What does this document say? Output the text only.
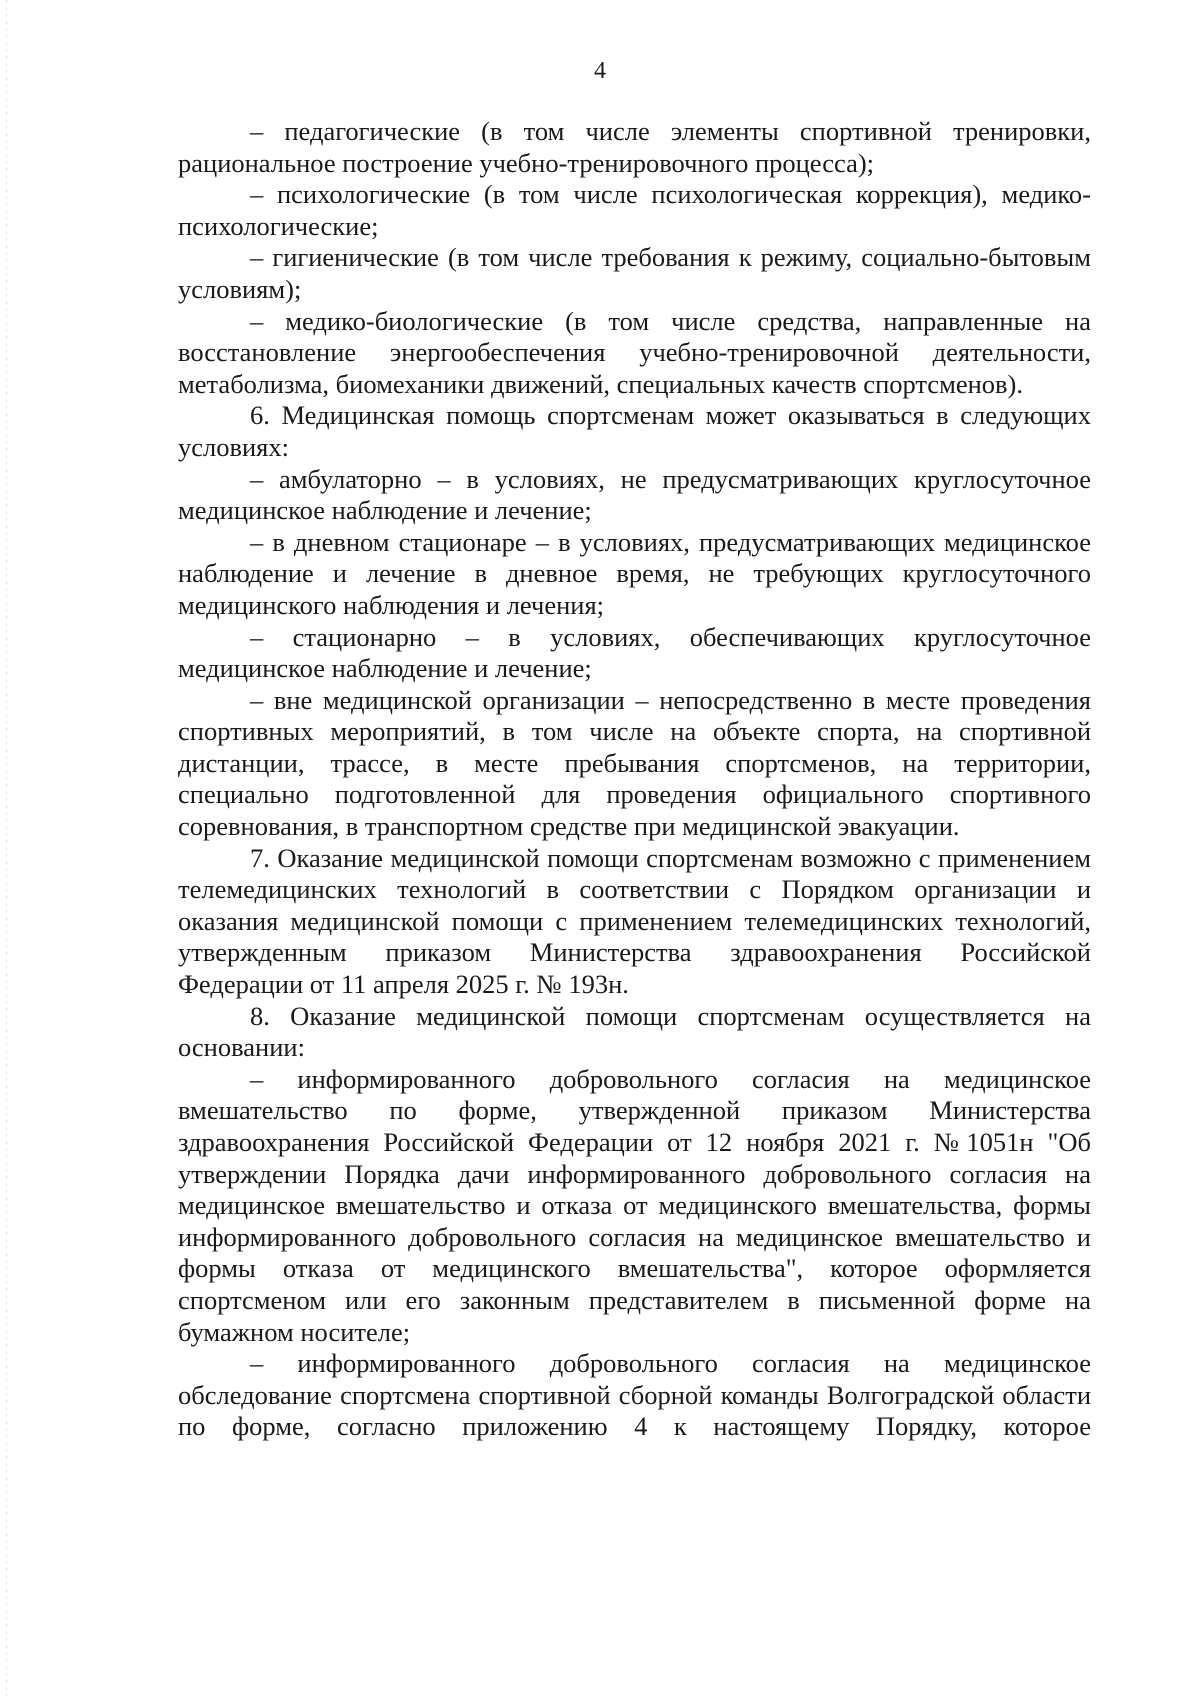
4

– педагогические (в том числе элементы спортивной тренировки, рациональное построение учебно-тренировочного процесса);

– психологические (в том числе психологическая коррекция), медико-психологические;

– гигиенические (в том числе требования к режиму, социально-бытовым условиям);

– медико-биологические (в том числе средства, направленные на восстановление энергообеспечения учебно-тренировочной деятельности, метаболизма, биомеханики движений, специальных качеств спортсменов).

6. Медицинская помощь спортсменам может оказываться в следующих условиях:

– амбулаторно – в условиях, не предусматривающих круглосуточное медицинское наблюдение и лечение;

– в дневном стационаре – в условиях, предусматривающих медицинское наблюдение и лечение в дневное время, не требующих круглосуточного медицинского наблюдения и лечения;

– стационарно – в условиях, обеспечивающих круглосуточное медицинское наблюдение и лечение;

– вне медицинской организации – непосредственно в месте проведения спортивных мероприятий, в том числе на объекте спорта, на спортивной дистанции, трассе, в месте пребывания спортсменов, на территории, специально подготовленной для проведения официального спортивного соревнования, в транспортном средстве при медицинской эвакуации.

7. Оказание медицинской помощи спортсменам возможно с применением телемедицинских технологий в соответствии с Порядком организации и оказания медицинской помощи с применением телемедицинских технологий, утвержденным приказом Министерства здравоохранения Российской Федерации от 11 апреля 2025 г. № 193н.

8. Оказание медицинской помощи спортсменам осуществляется на основании:

– информированного добровольного согласия на медицинское вмешательство по форме, утвержденной приказом Министерства здравоохранения Российской Федерации от 12 ноября 2021 г. №1051н "Об утверждении Порядка дачи информированного добровольного согласия на медицинское вмешательство и отказа от медицинского вмешательства, формы информированного добровольного согласия на медицинское вмешательство и формы отказа от медицинского вмешательства", которое оформляется спортсменом или его законным представителем в письменной форме на бумажном носителе;

– информированного добровольного согласия на медицинское обследование спортсмена спортивной сборной команды Волгоградской области по форме, согласно приложению 4 к настоящему Порядку, которое
